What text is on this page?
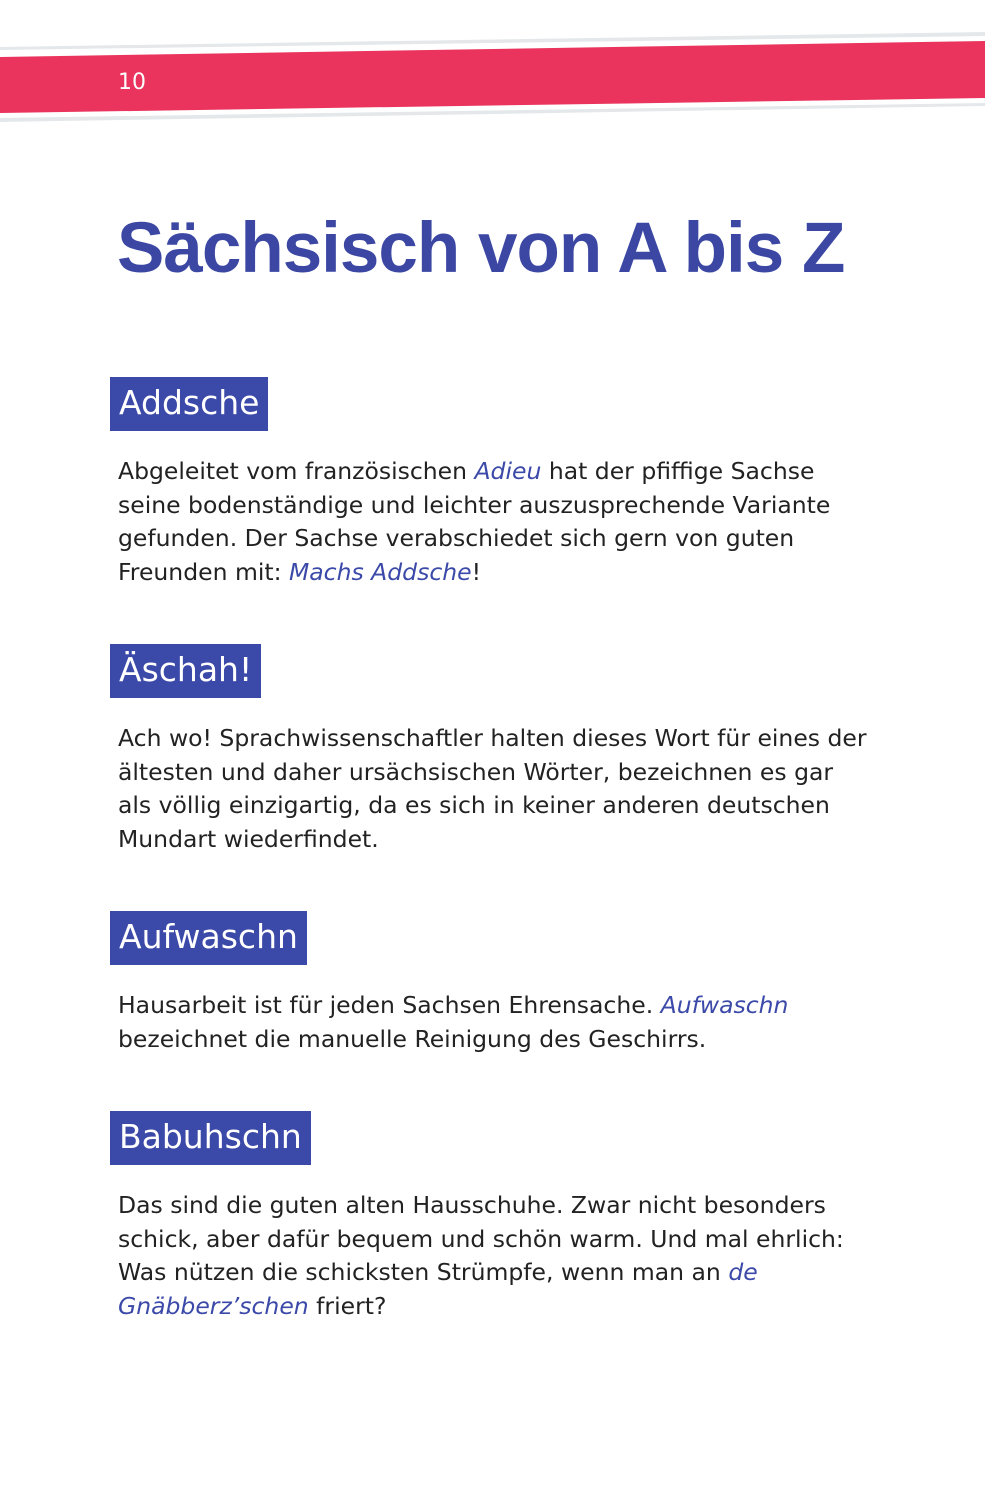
10
Sächsisch von A bis Z
Addsche

Abgeleitet vom französischen Adieu hat der pfiffige Sachse seine bodenständige und leichter auszusprechende Variante gefunden. Der Sachse verabschiedet sich gern von guten Freunden mit: Machs Addsche!

Äschah!

Ach wo! Sprachwissenschaftler halten dieses Wort für eines der ältesten und daher ursächsischen Wörter, bezeichnen es gar als völlig einzigartig, da es sich in keiner anderen deutschen Mundart wiederfindet.

Aufwaschn

Hausarbeit ist für jeden Sachsen Ehrensache. Aufwaschn bezeichnet die manuelle Reinigung des Geschirrs.

Babuhschn

Das sind die guten alten Hausschuhe. Zwar nicht besonders schick, aber dafür bequem und schön warm. Und mal ehrlich: Was nützen die schicksten Strümpfe, wenn man an de Gnäbberz’schen friert?
